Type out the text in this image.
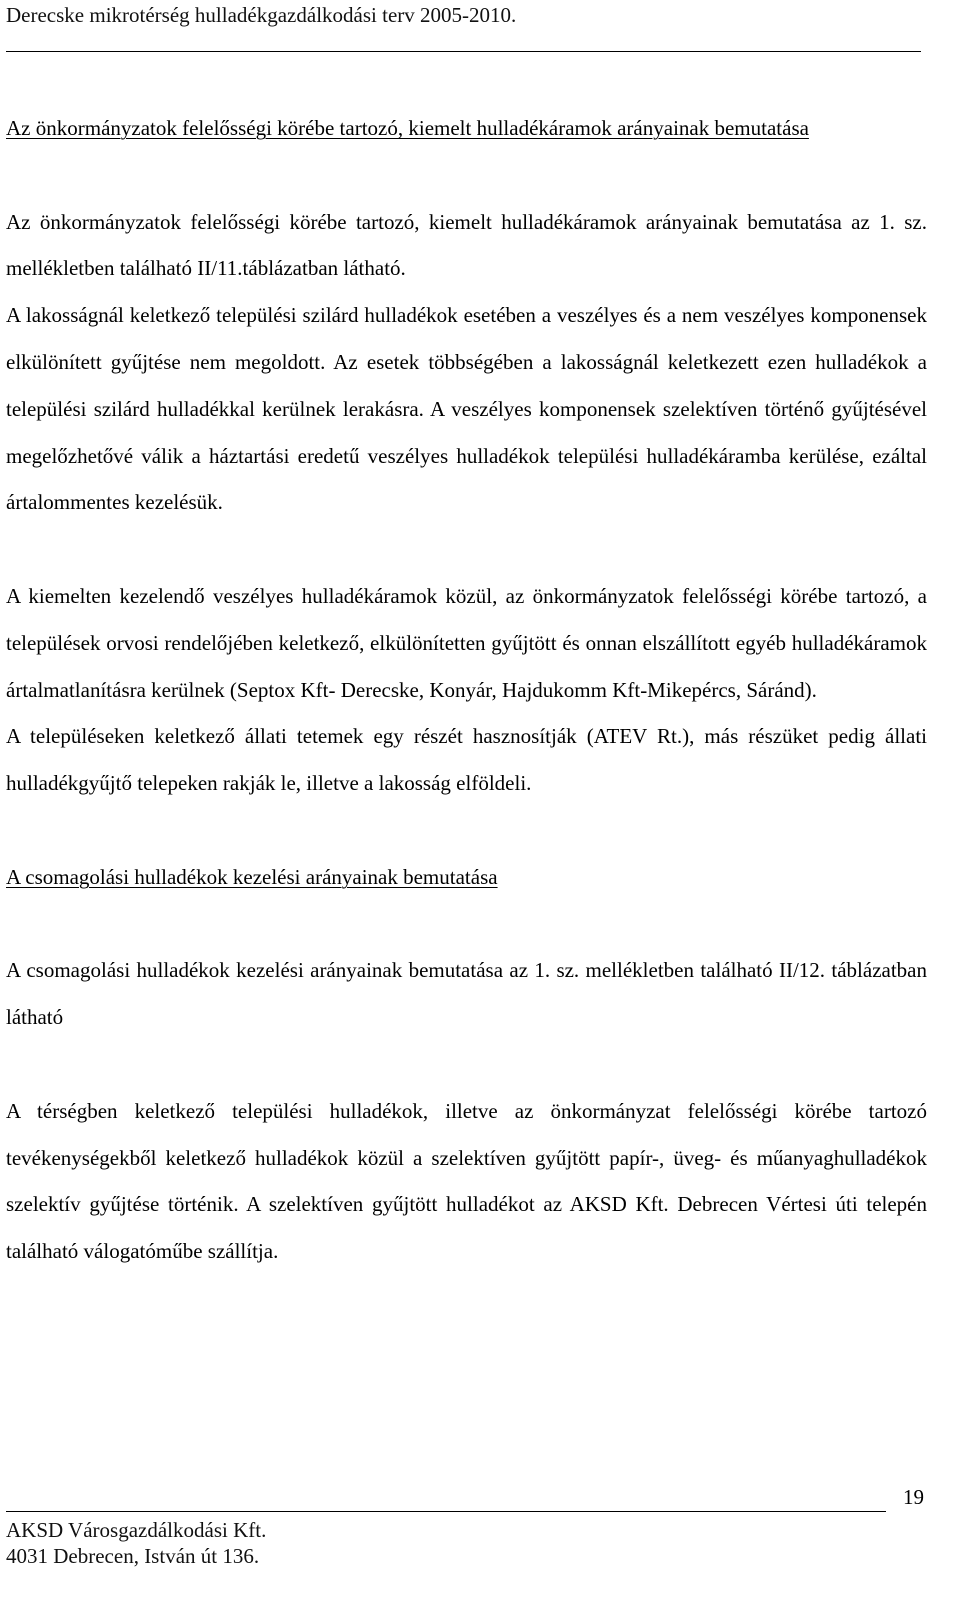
Derecske mikrotérség hulladékgazdálkodási terv 2005-2010.

Az önkormányzatok felelősségi körébe tartozó, kiemelt hulladékáramok arányainak bemutatása

Az önkormányzatok felelősségi körébe tartozó, kiemelt hulladékáramok arányainak bemutatása az 1. sz. mellékletben található II/11.táblázatban látható.

A lakosságnál keletkező települési szilárd hulladékok esetében a veszélyes és a nem veszélyes komponensek elkülönített gyűjtése nem megoldott. Az esetek többségében a lakosságnál keletkezett ezen hulladékok a települési szilárd hulladékkal kerülnek lerakásra. A veszélyes komponensek szelektíven történő gyűjtésével megelőzhetővé válik a háztartási eredetű veszélyes hulladékok települési hulladékáramba kerülése, ezáltal ártalommentes kezelésük.

A kiemelten kezelendő veszélyes hulladékáramok közül, az önkormányzatok felelősségi körébe tartozó, a települések orvosi rendelőjében keletkező, elkülönítetten gyűjtött és onnan elszállított egyéb hulladékáramok ártalmatlanításra kerülnek (Septox Kft- Derecske, Konyár, Hajdukomm Kft-Mikepércs, Sáránd).

A településeken keletkező állati tetemek egy részét hasznosítják (ATEV Rt.), más részüket pedig állati hulladékgyűjtő telepeken rakják le, illetve a lakosság elföldeli.

A csomagolási hulladékok kezelési arányainak bemutatása

A csomagolási hulladékok kezelési arányainak bemutatása az 1. sz. mellékletben található II/12. táblázatban látható

A térségben keletkező települési hulladékok, illetve az önkormányzat felelősségi körébe tartozó tevékenységekből keletkező hulladékok közül a szelektíven gyűjtött papír-, üveg- és műanyaghulladékok szelektív gyűjtése történik. A szelektíven gyűjtött hulladékot az AKSD Kft. Debrecen Vértesi úti telepén található válogatóműbe szállítja.

19
AKSD Városgazdálkodási Kft.
4031 Debrecen, István út 136.
